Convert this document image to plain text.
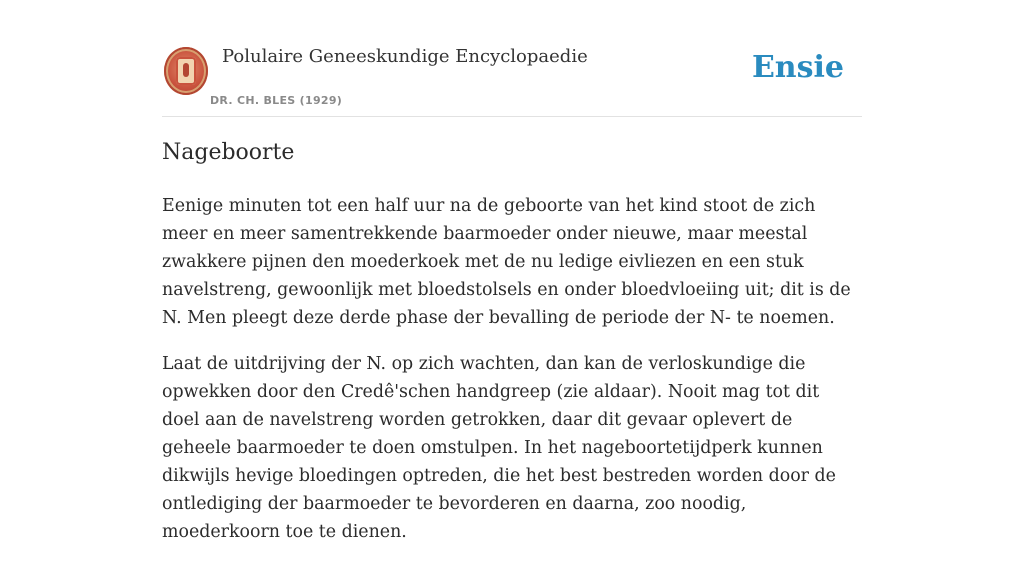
Polulaire Geneeskundige Encyclopaedie
DR. CH. BLES (1929)
Ensie
Nageboorte

Eenige minuten tot een half uur na de geboorte van het kind stoot de zich meer en meer samentrekkende baarmoeder onder nieuwe, maar meestal zwakkere pijnen den moederkoek met de nu ledige eivliezen en een stuk navelstreng, gewoonlijk met bloedstolsels en onder bloedvloeiing uit; dit is de N. Men pleegt deze derde phase der bevalling de periode der N- te noemen.

Laat de uitdrijving der N. op zich wachten, dan kan de verloskundige die opwekken door den Credê'schen handgreep (zie aldaar). Nooit mag tot dit doel aan de navelstreng worden getrokken, daar dit gevaar oplevert de geheele baarmoeder te doen omstulpen. In het nageboortetijdperk kunnen dikwijls hevige bloedingen optreden, die het best bestreden worden door de ontlediging der baarmoeder te bevorderen en daarna, zoo noodig, moederkoorn toe te dienen.
